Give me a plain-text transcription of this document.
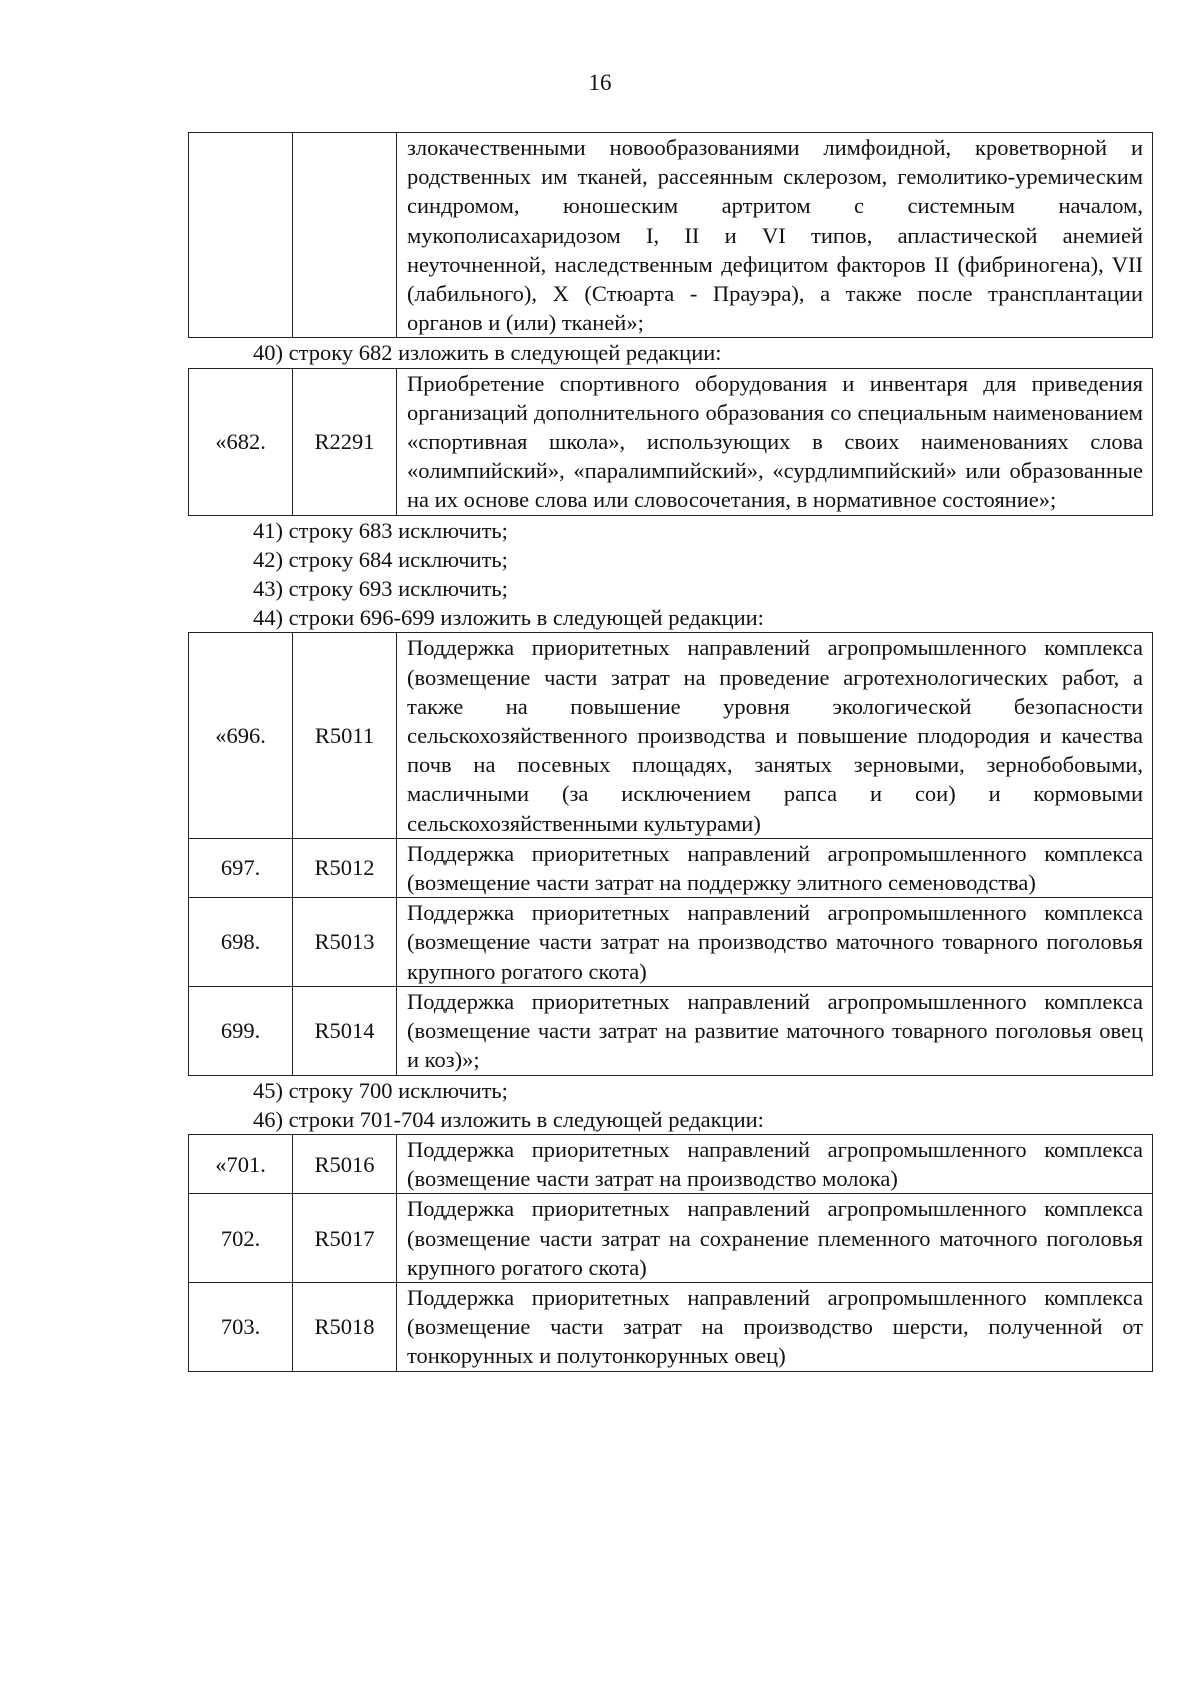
16
		злокачественными новообразованиями лимфоидной, кроветворной и родственных им тканей, рассеянным склерозом, гемолитико-уремическим синдромом, юношеским артритом с системным началом, мукополисахаридозом I, II и VI типов, апластической анемией неуточненной, наследственным дефицитом факторов II (фибриногена), VII (лабильного), X (Стюарта - Прауэра), а также после трансплантации органов и (или) тканей»;

40) строку 682 изложить в следующей редакции:

«682.	R2291	Приобретение спортивного оборудования и инвентаря для приведения организаций дополнительного образования со специальным наименованием «спортивная школа», использующих в своих наименованиях слова «олимпийский», «паралимпийский», «сурдлимпийский» или образованные на их основе слова или словосочетания, в нормативное состояние»;

41) строку 683 исключить;

42) строку 684 исключить;

43) строку 693 исключить;

44) строки 696-699 изложить в следующей редакции:

«696.	R5011	Поддержка приоритетных направлений агропромышленного комплекса (возмещение части затрат на проведение агротехнологических работ, а также на повышение уровня экологической безопасности сельскохозяйственного производства и повышение плодородия и качества почв на посевных площадях, занятых зерновыми, зернобобовыми, масличными (за исключением рапса и сои) и кормовыми сельскохозяйственными культурами)
697.	R5012	Поддержка приоритетных направлений агропромышленного комплекса (возмещение части затрат на поддержку элитного семеноводства)
698.	R5013	Поддержка приоритетных направлений агропромышленного комплекса (возмещение части затрат на производство маточного товарного поголовья крупного рогатого скота)
699.	R5014	Поддержка приоритетных направлений агропромышленного комплекса (возмещение части затрат на развитие маточного товарного поголовья овец и коз)»;

45) строку 700 исключить;

46) строки 701-704 изложить в следующей редакции:

«701.	R5016	Поддержка приоритетных направлений агропромышленного комплекса (возмещение части затрат на производство молока)
702.	R5017	Поддержка приоритетных направлений агропромышленного комплекса (возмещение части затрат на сохранение племенного маточного поголовья крупного рогатого скота)
703.	R5018	Поддержка приоритетных направлений агропромышленного комплекса (возмещение части затрат на производство шерсти, полученной от тонкорунных и полутонкорунных овец)
